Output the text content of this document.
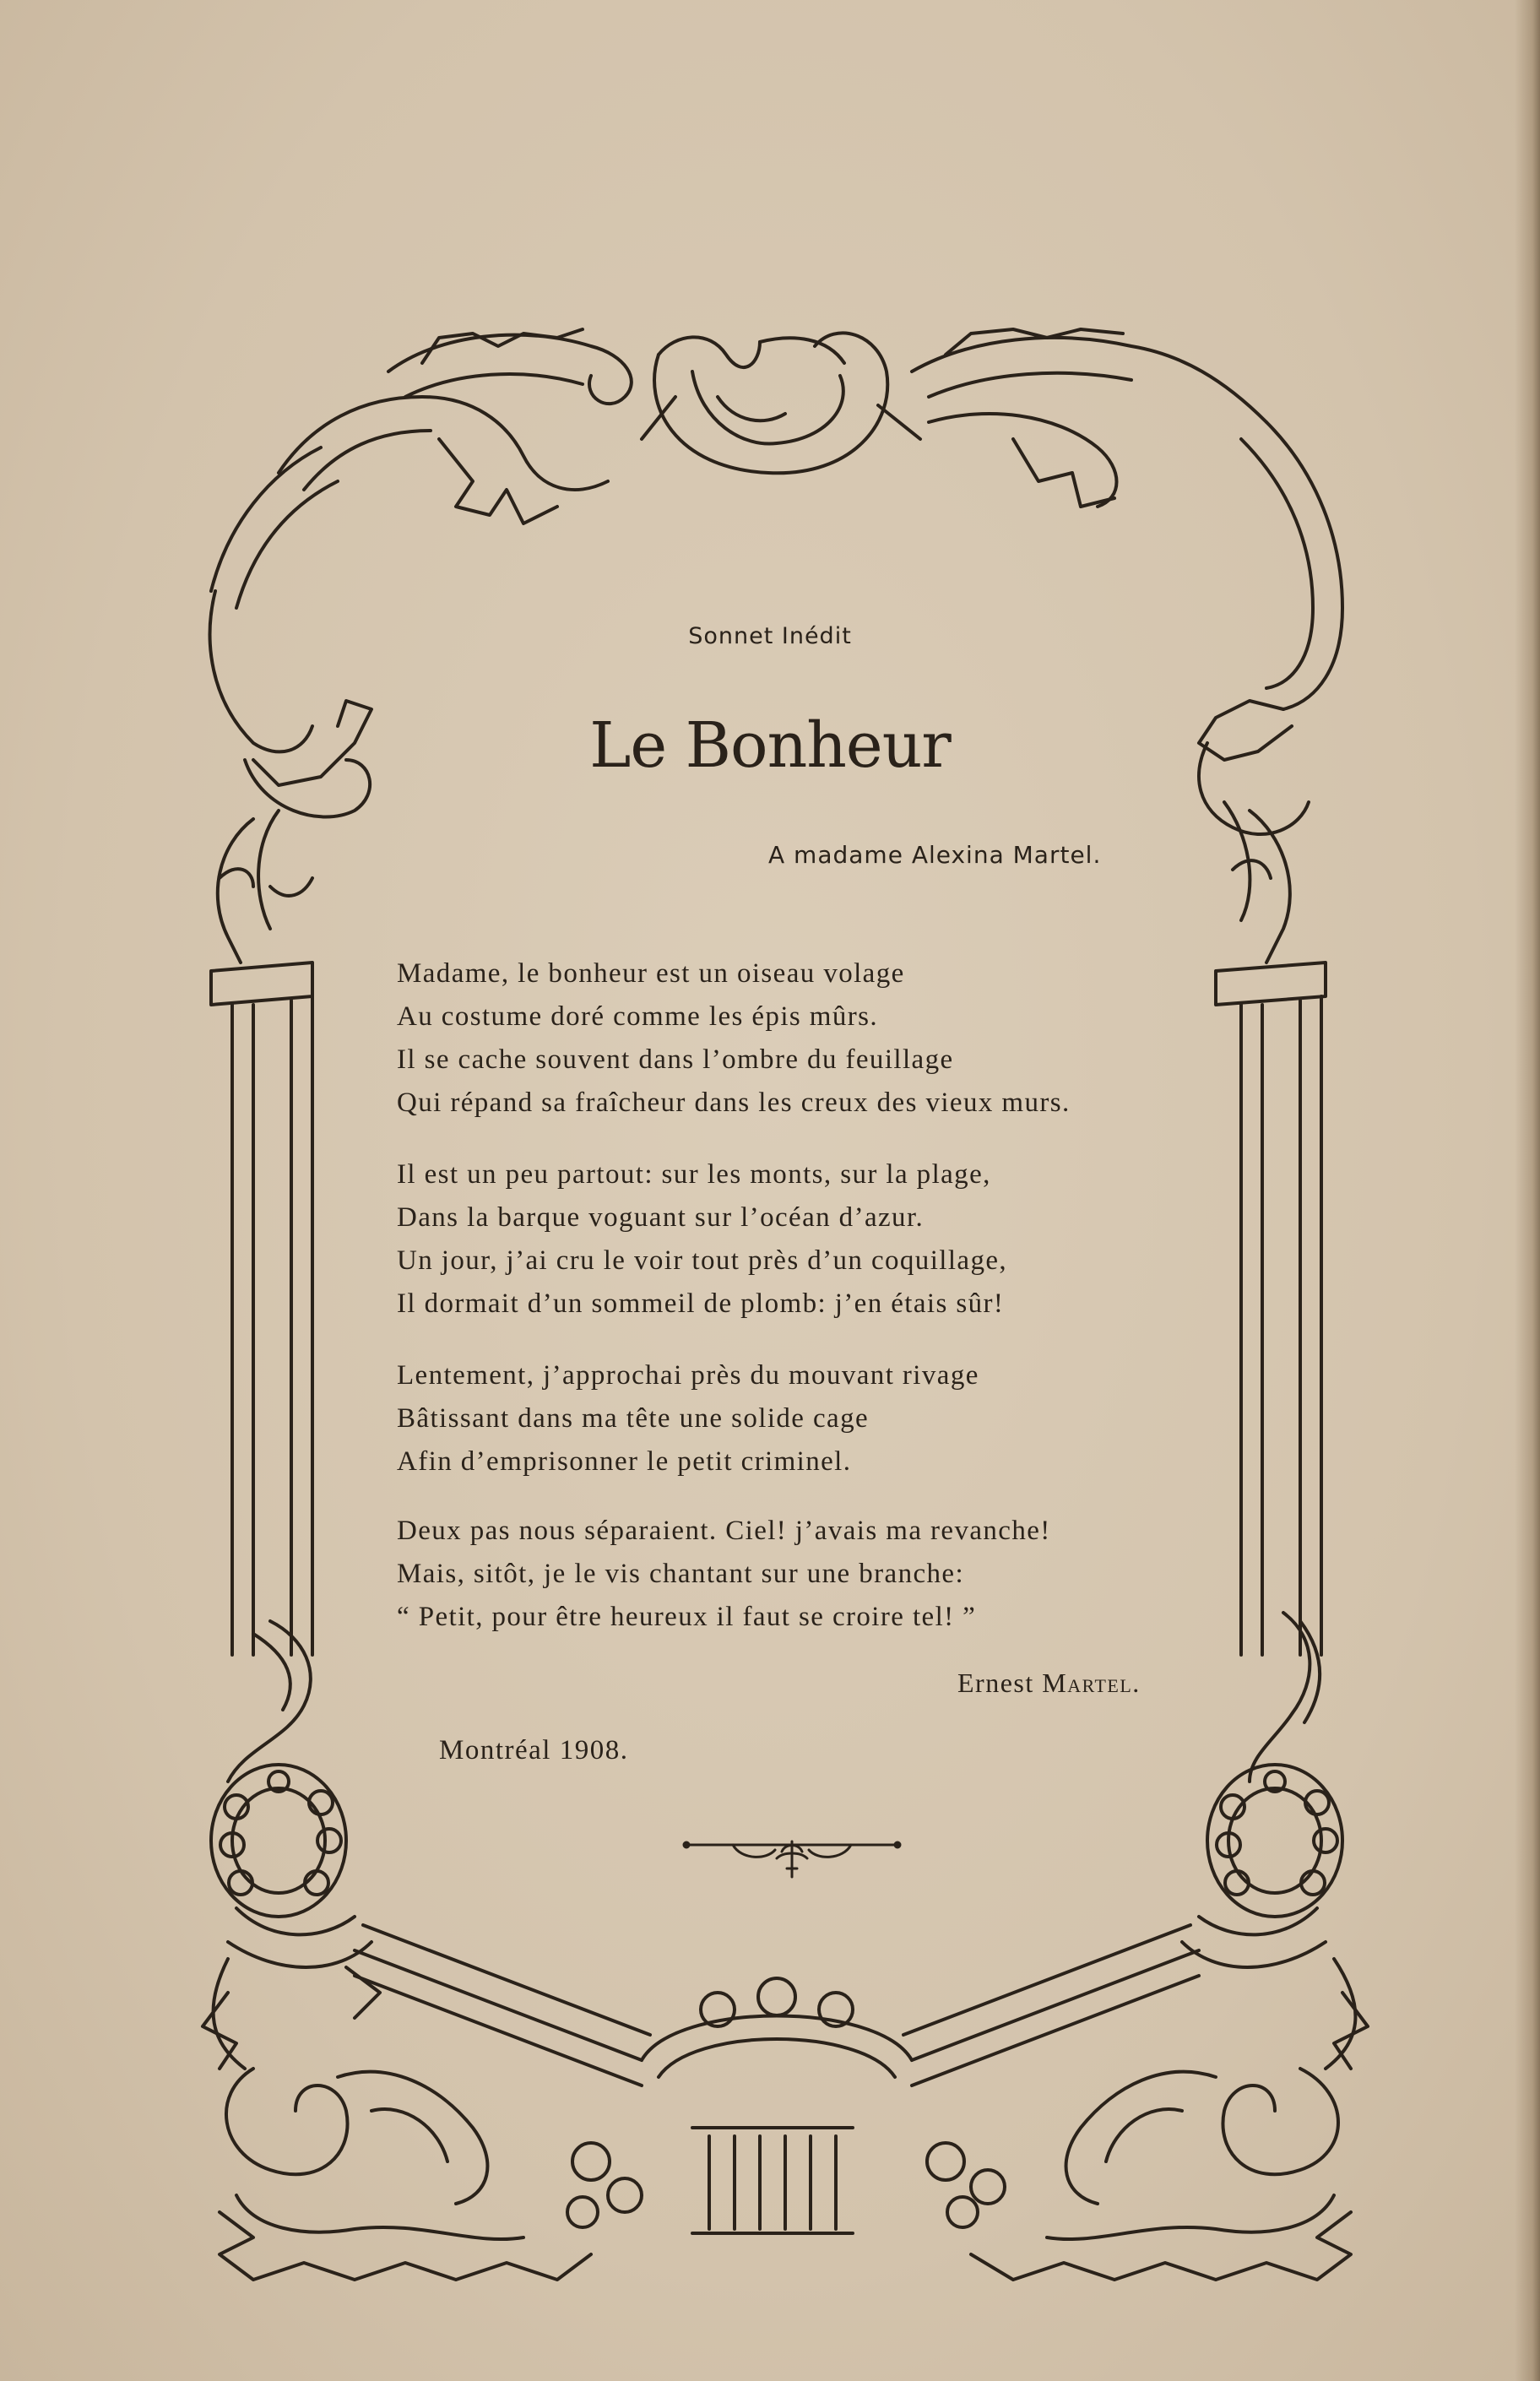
Sonnet Inédit
Le Bonheur
A madame Alexina Martel.
Madame, le bonheur est un oiseau volage
Au costume doré comme les épis mûrs.
Il se cache souvent dans l’ombre du feuillage
Qui répand sa fraîcheur dans les creux des vieux murs.
Il est un peu partout: sur les monts, sur la plage,
Dans la barque voguant sur l’océan d’azur.
Un jour, j’ai cru le voir tout près d’un coquillage,
Il dormait d’un sommeil de plomb: j’en étais sûr!
Lentement, j’approchai près du mouvant rivage
Bâtissant dans ma tête une solide cage
Afin d’emprisonner le petit criminel.
Deux pas nous séparaient. Ciel! j’avais ma revanche!
Mais, sitôt, je le vis chantant sur une branche:
“ Petit, pour être heureux il faut se croire tel! ”
Ernest Martel.
Montréal 1908.
